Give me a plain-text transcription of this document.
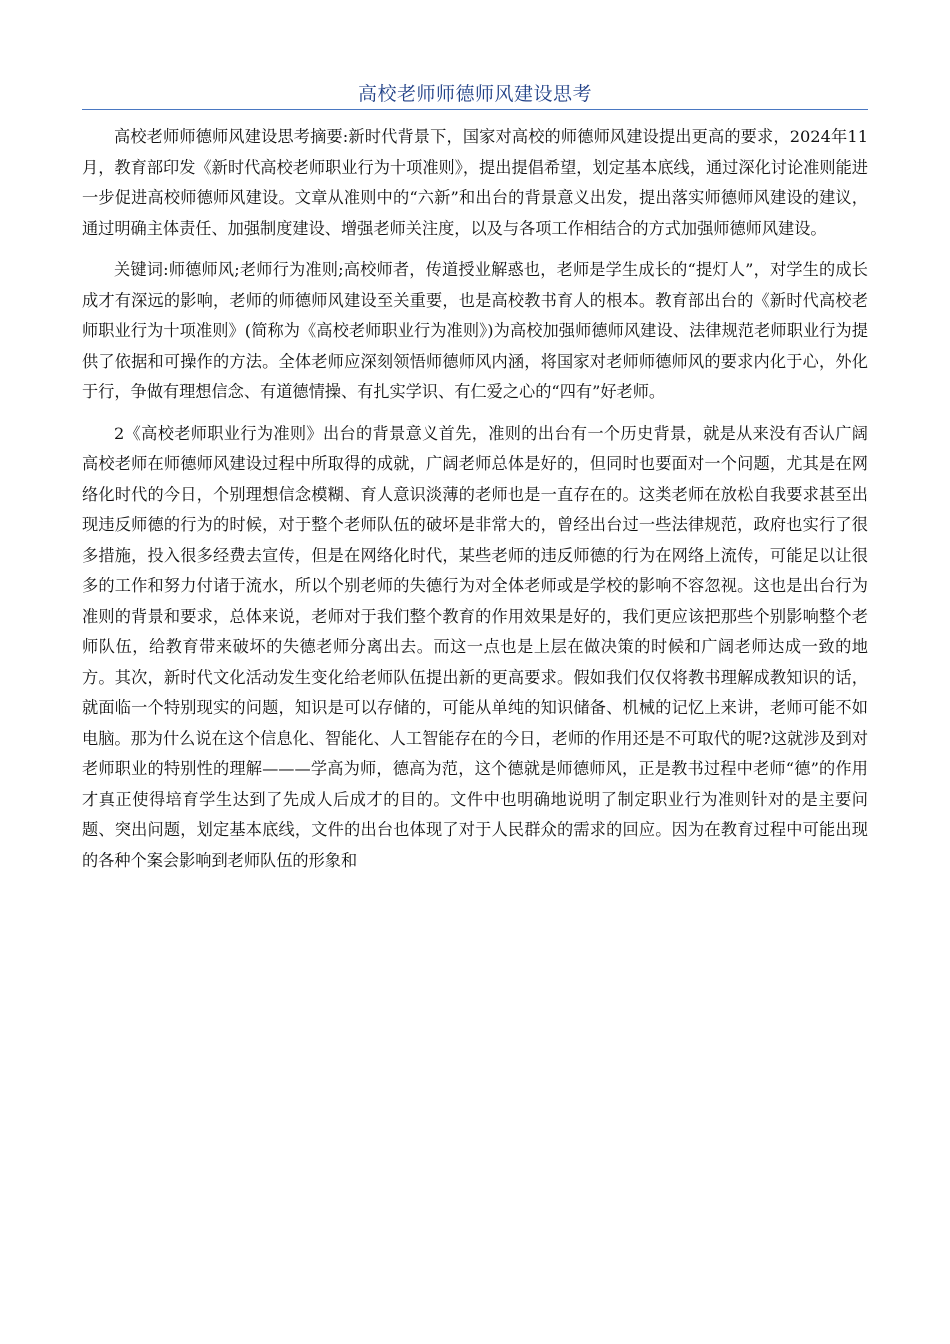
高校老师师德师风建设思考

高校老师师德师风建设思考摘要:新时代背景下，国家对高校的师德师风建设提出更高的要求，2024年11月，教育部印发《新时代高校老师职业行为十项准则》，提出提倡希望，划定基本底线，通过深化讨论准则能进一步促进高校师德师风建设。文章从准则中的“六新”和出台的背景意义出发，提出落实师德师风建设的建议，通过明确主体责任、加强制度建设、增强老师关注度，以及与各项工作相结合的方式加强师德师风建设。

关键词:师德师风;老师行为准则;高校师者，传道授业解惑也，老师是学生成长的“提灯人”，对学生的成长成才有深远的影响，老师的师德师风建设至关重要，也是高校教书育人的根本。教育部出台的《新时代高校老师职业行为十项准则》(简称为《高校老师职业行为准则》)为高校加强师德师风建设、法律规范老师职业行为提供了依据和可操作的方法。全体老师应深刻领悟师德师风内涵，将国家对老师师德师风的要求内化于心，外化于行，争做有理想信念、有道德情操、有扎实学识、有仁爱之心的“四有”好老师。

2《高校老师职业行为准则》出台的背景意义首先，准则的出台有一个历史背景，就是从来没有否认广阔高校老师在师德师风建设过程中所取得的成就，广阔老师总体是好的，但同时也要面对一个问题，尤其是在网络化时代的今日，个别理想信念模糊、育人意识淡薄的老师也是一直存在的。这类老师在放松自我要求甚至出现违反师德的行为的时候，对于整个老师队伍的破坏是非常大的，曾经出台过一些法律规范，政府也实行了很多措施，投入很多经费去宣传，但是在网络化时代，某些老师的违反师德的行为在网络上流传，可能足以让很多的工作和努力付诸于流水，所以个别老师的失德行为对全体老师或是学校的影响不容忽视。这也是出台行为准则的背景和要求，总体来说，老师对于我们整个教育的作用效果是好的，我们更应该把那些个别影响整个老师队伍，给教育带来破坏的失德老师分离出去。而这一点也是上层在做决策的时候和广阔老师达成一致的地方。其次，新时代文化活动发生变化给老师队伍提出新的更高要求。假如我们仅仅将教书理解成教知识的话，就面临一个特别现实的问题，知识是可以存储的，可能从单纯的知识储备、机械的记忆上来讲，老师可能不如电脑。那为什么说在这个信息化、智能化、人工智能存在的今日，老师的作用还是不可取代的呢?这就涉及到对老师职业的特别性的理解———学高为师，德高为范，这个德就是师德师风，正是教书过程中老师“德”的作用才真正使得培育学生达到了先成人后成才的目的。文件中也明确地说明了制定职业行为准则针对的是主要问题、突出问题，划定基本底线，文件的出台也体现了对于人民群众的需求的回应。因为在教育过程中可能出现的各种个案会影响到老师队伍的形象和
